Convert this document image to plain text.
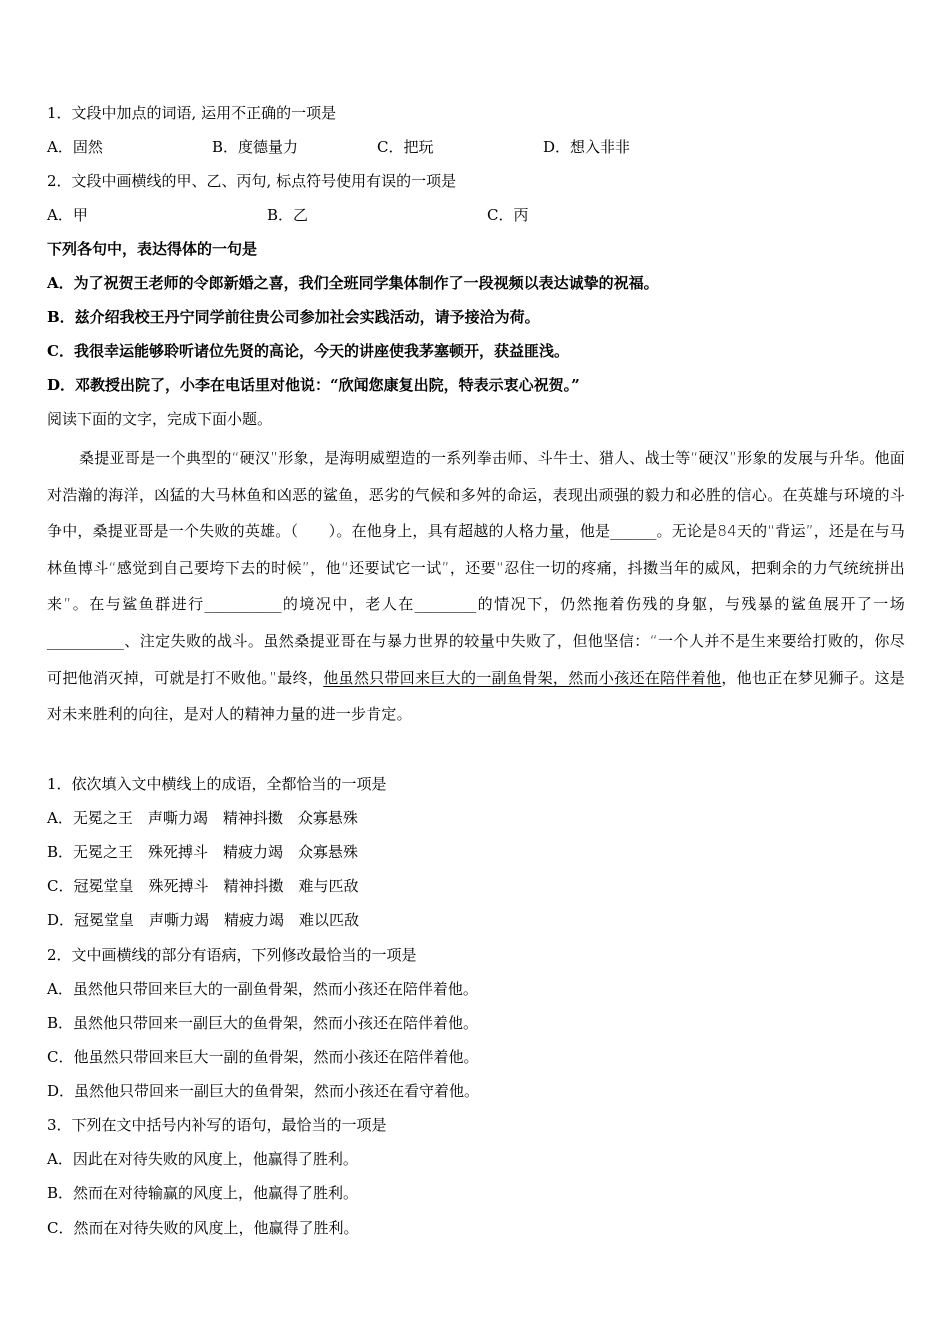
1．文段中加点的词语, 运用不正确的一项是
A．固然	B．度德量力	C．把玩	D．想入非非
2．文段中画横线的甲、乙、丙句, 标点符号使用有误的一项是
A．甲	B．乙	C．丙
下列各句中，表达得体的一句是
A．为了祝贺王老师的令郎新婚之喜，我们全班同学集体制作了一段视频以表达诚挚的祝福。
B．兹介绍我校王丹宁同学前往贵公司参加社会实践活动，请予接洽为荷。
C．我很幸运能够聆听诸位先贤的高论，今天的讲座使我茅塞顿开，获益匪浅。
D．邓教授出院了，小李在电话里对他说：“欣闻您康复出院，特表示衷心祝贺。”
阅读下面的文字，完成下面小题。
桑提亚哥是一个典型的“硬汉”形象，是海明威塑造的一系列拳击师、斗牛士、猎人、战士等“硬汉”形象的发展与升华。他面对浩瀚的海洋，凶猛的大马林鱼和凶恶的鲨鱼，恶劣的气候和多舛的命运，表现出顽强的毅力和必胜的信心。在英雄与环境的斗争中，桑提亚哥是一个失败的英雄。（　　）。在他身上，具有超越的人格力量，他是______。无论是84天的“背运”，还是在与马林鱼博斗“感觉到自己要垮下去的时候”，他“还要试它一试”，还要“忍住一切的疼痛，抖擞当年的威风，把剩余的力气统统拼出来”。在与鲨鱼群进行__________的境况中，老人在________的情况下，仍然拖着伤残的身躯，与残暴的鲨鱼展开了一场__________、注定失败的战斗。虽然桑提亚哥在与暴力世界的较量中失败了，但他坚信：“一个人并不是生来要给打败的，你尽可把他消灭掉，可就是打不败他。”最终，他虽然只带回来巨大的一副鱼骨架，然而小孩还在陪伴着他，他也正在梦见狮子。这是对未来胜利的向往，是对人的精神力量的进一步肯定。
1．依次填入文中横线上的成语，全都恰当的一项是
A．无冕之王　声嘶力竭　精神抖擞　众寡悬殊
B．无冕之王　殊死搏斗　精疲力竭　众寡悬殊
C．冠冕堂皇　殊死搏斗　精神抖擞　难与匹敌
D．冠冕堂皇　声嘶力竭　精疲力竭　难以匹敌
2．文中画横线的部分有语病，下列修改最恰当的一项是
A．虽然他只带回来巨大的一副鱼骨架，然而小孩还在陪伴着他。
B．虽然他只带回来一副巨大的鱼骨架，然而小孩还在陪伴着他。
C．他虽然只带回来巨大一副的鱼骨架，然而小孩还在陪伴着他。
D．虽然他只带回来一副巨大的鱼骨架，然而小孩还在看守着他。
3．下列在文中括号内补写的语句，最恰当的一项是
A．因此在对待失败的风度上，他赢得了胜利。
B．然而在对待输赢的风度上，他赢得了胜利。
C．然而在对待失败的风度上，他赢得了胜利。
